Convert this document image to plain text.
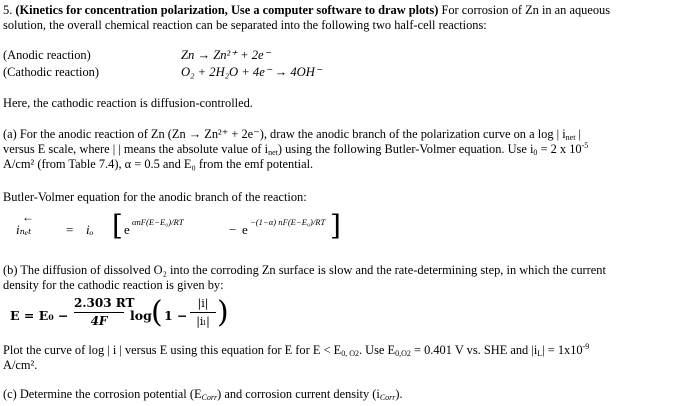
5. (Kinetics for concentration polarization, Use a computer software to draw plots) For corrosion of Zn in an aqueous
solution, the overall chemical reaction can be separated into the following two half-cell reactions:
(Anodic reaction)	Zn → Zn²⁺ + 2e⁻
(Cathodic reaction)	O₂ + 2H₂O + 4e⁻ → 4OH⁻
Here, the cathodic reaction is diffusion-controlled.
(a) For the anodic reaction of Zn (Zn → Zn²⁺ + 2e⁻), draw the anodic branch of the polarization curve on a log | $i_{net}$ |
versus E scale, where | | means the absolute value of $i_{net}$) using the following Butler-Volmer equation. Use $i_0 = 2$ x $10^{-5}$
A/cm² (from Table 7.4), α = 0.5 and E₀ from the emf potential.
Butler-Volmer equation for the anodic branch of the reaction:
←
iₙₑₜ	= iₒ [ e αnF(E−E₀)/RT	− e −(1−α) nF(E−E₀)/RT ]
(b) The diffusion of dissolved O₂ into the corroding Zn surface is slow and the rate-determining step, in which the current
density for the cathodic reaction is given by:
E = E₀ −
2.303 RT
4F	log ( 1 −
|i|
|iₗ| )
Plot the curve of log | i | versus E using this equation for E for $E < E_{0, O2}$. Use $E_{0,O2} = 0.401$ V vs. SHE and $|i_L| = 1x10^{-9}$
A/cm².
(c) Determine the corrosion potential $(E_{Corr})$ and corrosion current density $(i_{Corr})$.
